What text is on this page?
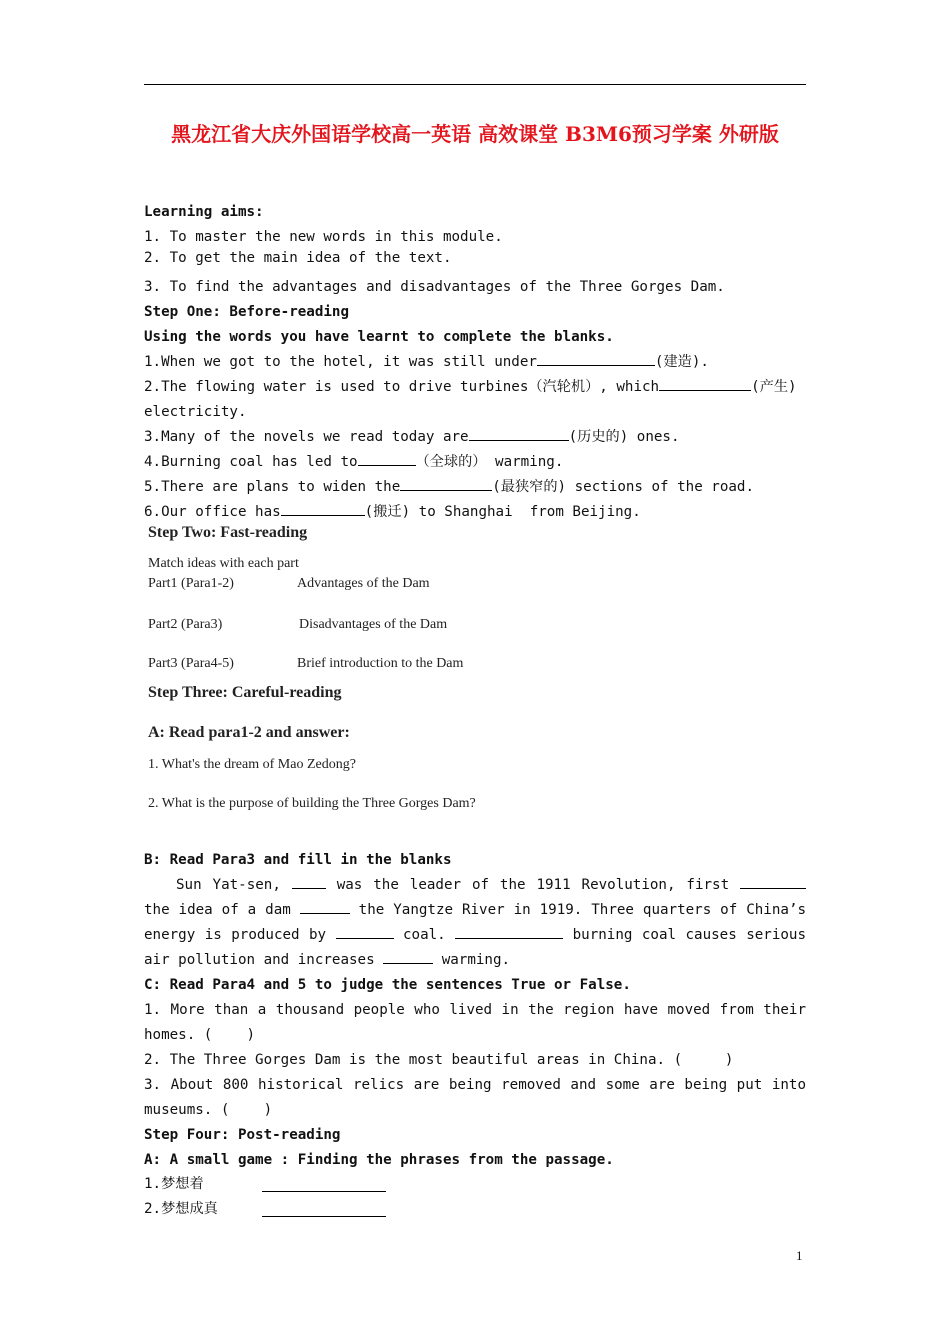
黑龙江省大庆外国语学校高一英语 高效课堂 B3M6预习学案 外研版
Learning aims:
1. To master the new words in this module.
2. To get the main idea of the text.
3. To find the advantages and disadvantages of the Three Gorges Dam.
Step One: Before-reading
Using the words you have learnt to complete the blanks.
1.When we got to the hotel, it was still under	(建造).
2.The flowing water is used to drive turbines（汽轮机）, which	(产生)
electricity.
3.Many of the novels we read today are	(历史的) ones.
4.Burning coal has led to	（全球的） warming.
5.There are plans to widen the	(最狭窄的) sections of the road.
6.Our office has	(搬迁) to Shanghai  from Beijing.
Step Two: Fast-reading
Match ideas with each part
Part1 (Para1-2)	Advantages of the Dam
Part2 (Para3)	Disadvantages of the Dam
Part3 (Para4-5)	Brief introduction to the Dam
Step Three: Careful-reading
A: Read para1-2 and answer:
1. What's the dream of Mao Zedong?
2. What is the purpose of building the Three Gorges Dam?
B: Read Para3 and fill in the blanks
Sun Yat-sen,	was the leader of the 1911 Revolution, first
the idea of a dam	the Yangtze River in 1919. Three quarters of China’s
energy is produced by	coal.	burning coal causes serious
air pollution and increases	warming.
C: Read Para4 and 5 to judge the sentences True or False.
1. More than a thousand people who lived in the region have moved from their
homes. (    )
2. The Three Gorges Dam is the most beautiful areas in China. (     )
3. About 800 historical relics are being removed and some are being put into
museums. (    )
Step Four: Post-reading
A: A small game : Finding the phrases from the passage.
1.梦想着
2.梦想成真
1
